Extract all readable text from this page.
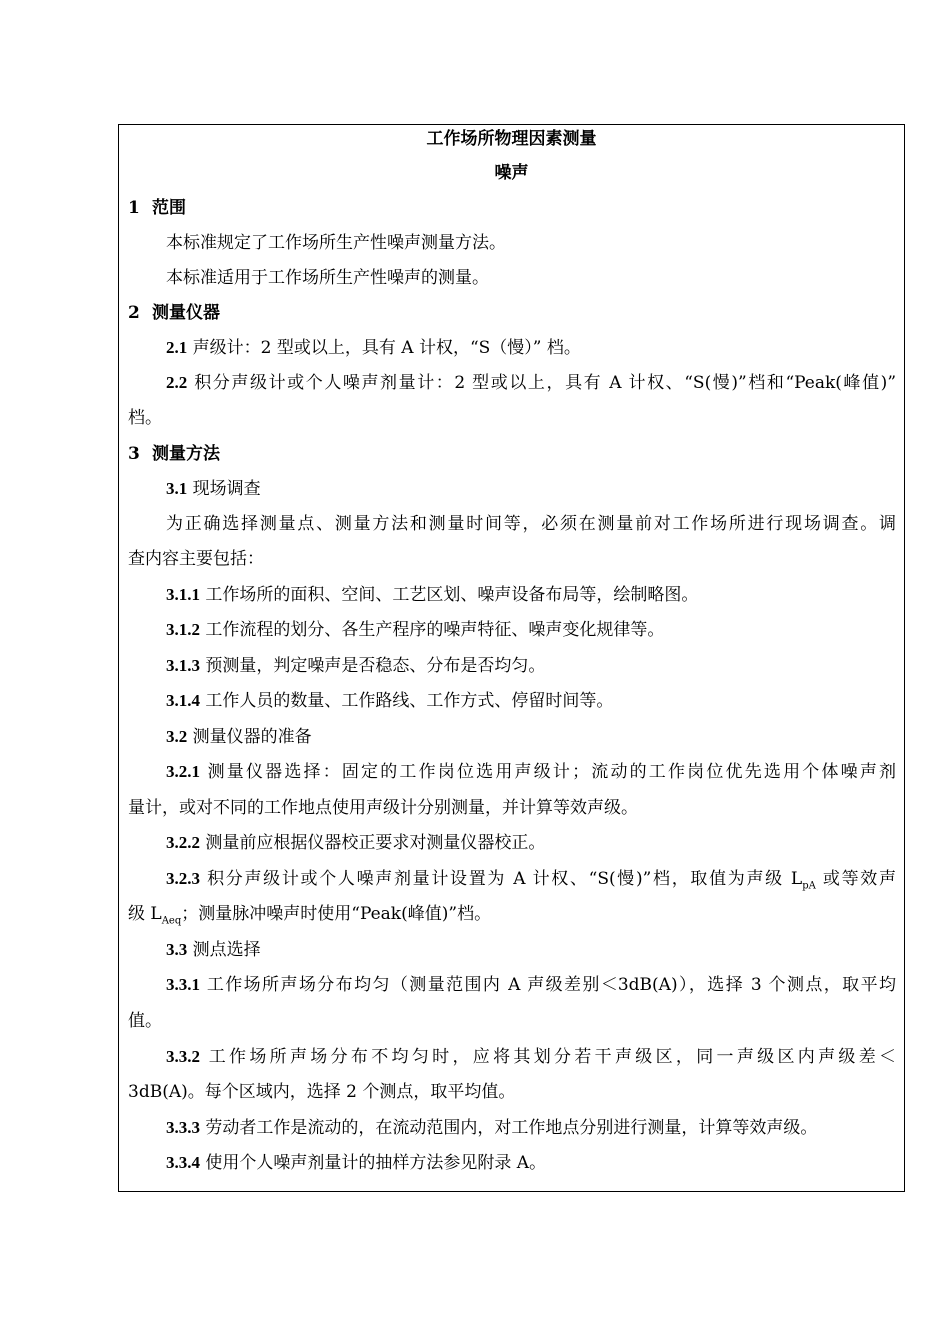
工作场所物理因素测量
噪声
1 范围
本标准规定了工作场所生产性噪声测量方法。
本标准适用于工作场所生产性噪声的测量。
2 测量仪器
2.1 声级计：2 型或以上，具有 A 计权，“S（慢）” 档。
2.2 积分声级计或个人噪声剂量计：2 型或以上，具有 A 计权、“S(慢)”档和“Peak(峰值)”
档。
3 测量方法
3.1 现场调查
为正确选择测量点、测量方法和测量时间等，必须在测量前对工作场所进行现场调查。调
查内容主要包括：
3.1.1 工作场所的面积、空间、工艺区划、噪声设备布局等，绘制略图。
3.1.2 工作流程的划分、各生产程序的噪声特征、噪声变化规律等。
3.1.3 预测量，判定噪声是否稳态、分布是否均匀。
3.1.4 工作人员的数量、工作路线、工作方式、停留时间等。
3.2 测量仪器的准备
3.2.1 测量仪器选择：固定的工作岗位选用声级计；流动的工作岗位优先选用个体噪声剂
量计，或对不同的工作地点使用声级计分别测量，并计算等效声级。
3.2.2 测量前应根据仪器校正要求对测量仪器校正。
3.2.3 积分声级计或个人噪声剂量计设置为 A 计权、“S(慢)”档，取值为声级 $L_{pA}$ 或等效声
级 $L_{Aeq}$；测量脉冲噪声时使用“Peak(峰值)”档。
3.3 测点选择
3.3.1 工作场所声场分布均匀（测量范围内 A 声级差别＜3dB(A)），选择 3 个测点，取平均
值。
3.3.2 工作场所声场分布不均匀时，应将其划分若干声级区，同一声级区内声级差＜
3dB(A)。每个区域内，选择 2 个测点，取平均值。
3.3.3 劳动者工作是流动的，在流动范围内，对工作地点分别进行测量，计算等效声级。
3.3.4 使用个人噪声剂量计的抽样方法参见附录 A。
